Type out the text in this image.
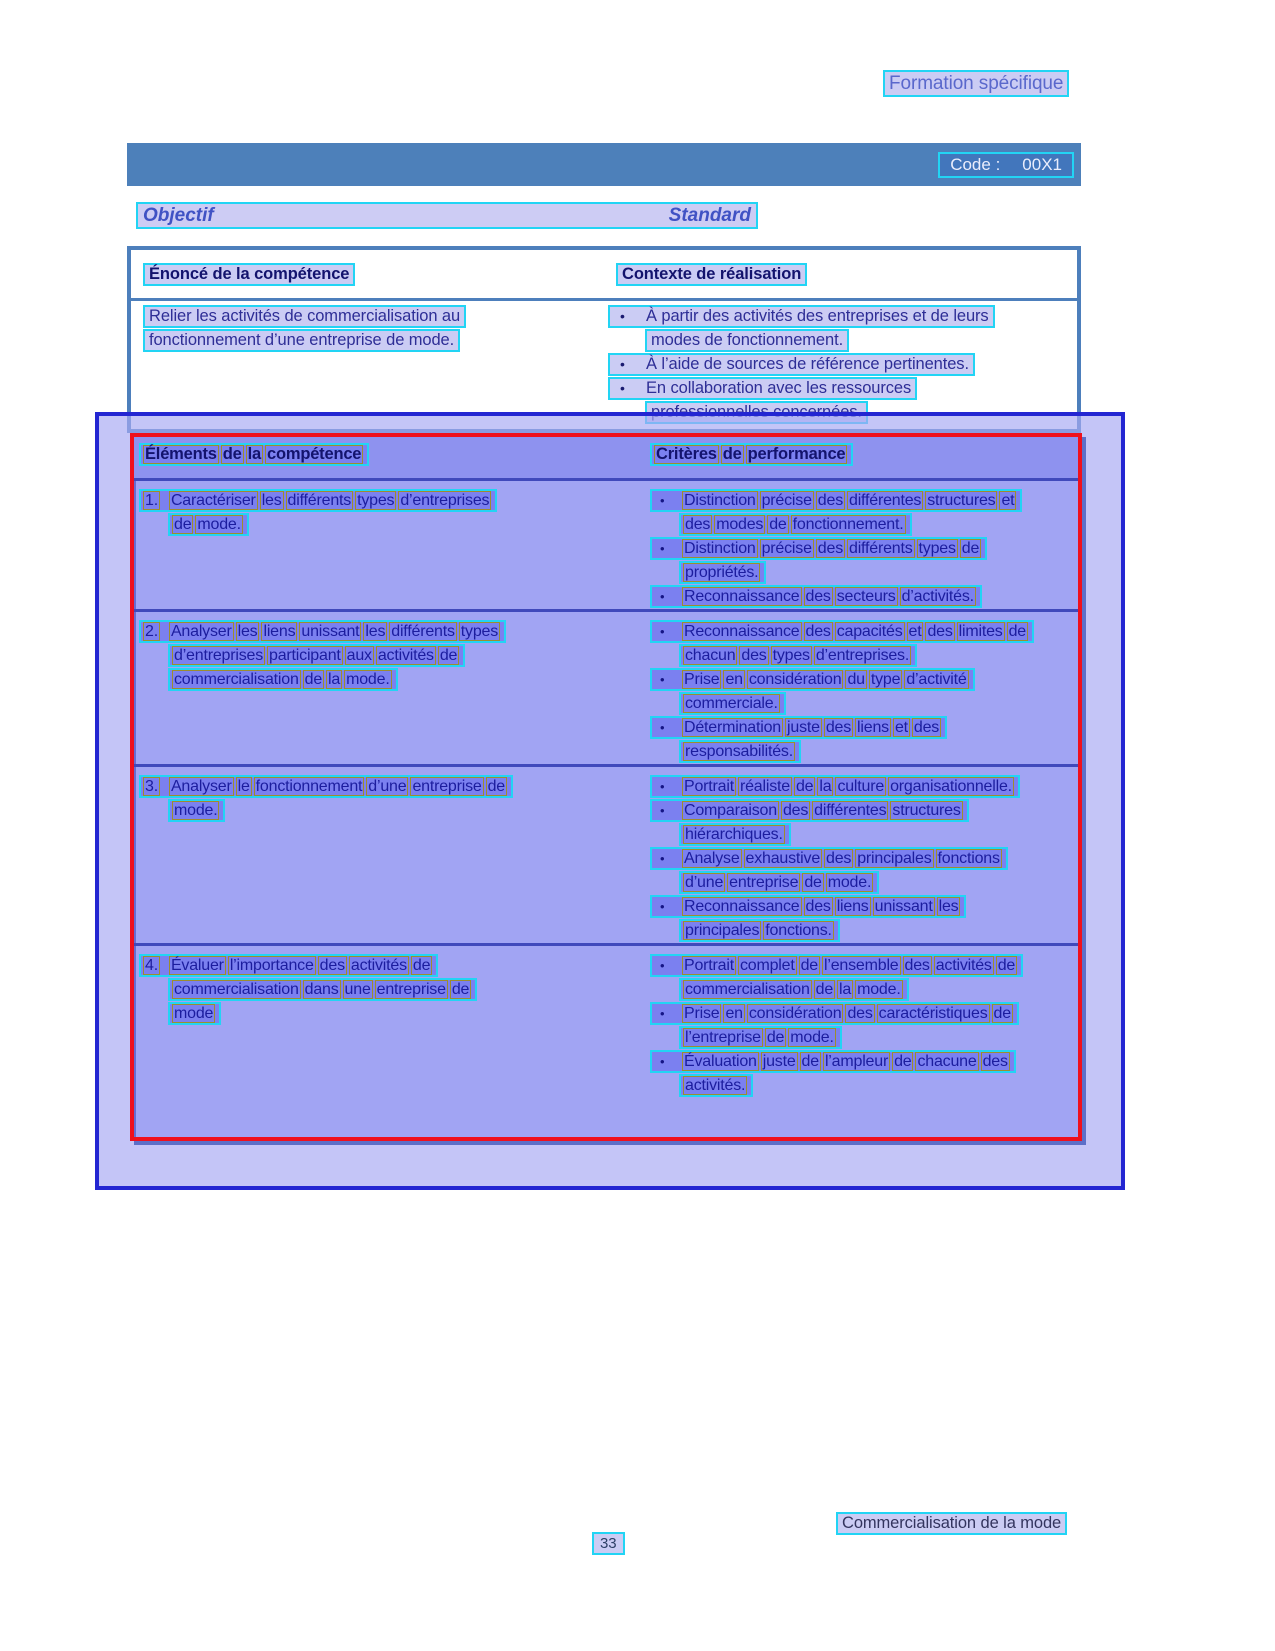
Formation spécifique
Code : 00X1
Objectif	Standard
Énoncé de la compétence	Contexte de réalisation
Relier les activités de commercialisation au
fonctionnement d’une entreprise de mode.
•	À partir des activités des entreprises et de leurs
modes de fonctionnement.
•	À l’aide de sources de référence pertinentes.
•	En collaboration avec les ressources
Éléments de la compétence	Critères de performance
1. Caractériser les différents types d’entreprises
de mode.
•	Distinction précise des différentes structures et
des modes de fonctionnement.
•	Distinction précise des différents types de
propriétés.
•	Reconnaissance des secteurs d’activités.
2. Analyser les liens unissant les différents types
d’entreprises participant aux activités de
commercialisation de la mode.
•	Reconnaissance des capacités et des limites de
chacun des types d’entreprises.
•	Prise en considération du type d’activité
commerciale.
•	Détermination juste des liens et des
responsabilités.
3. Analyser le fonctionnement d’une entreprise de
mode.
•	Portrait réaliste de la culture organisationnelle.
•	Comparaison des différentes structures
hiérarchiques.
•	Analyse exhaustive des principales fonctions
d’une entreprise de mode.
•	Reconnaissance des liens unissant les
principales fonctions.
4. Évaluer l’importance des activités de
commercialisation dans une entreprise de
mode
•	Portrait complet de l’ensemble des activités de
commercialisation de la mode.
•	Prise en considération des caractéristiques de
l’entreprise de mode.
•	Évaluation juste de l’ampleur de chacune des
activités.
Commercialisation de la mode
33
